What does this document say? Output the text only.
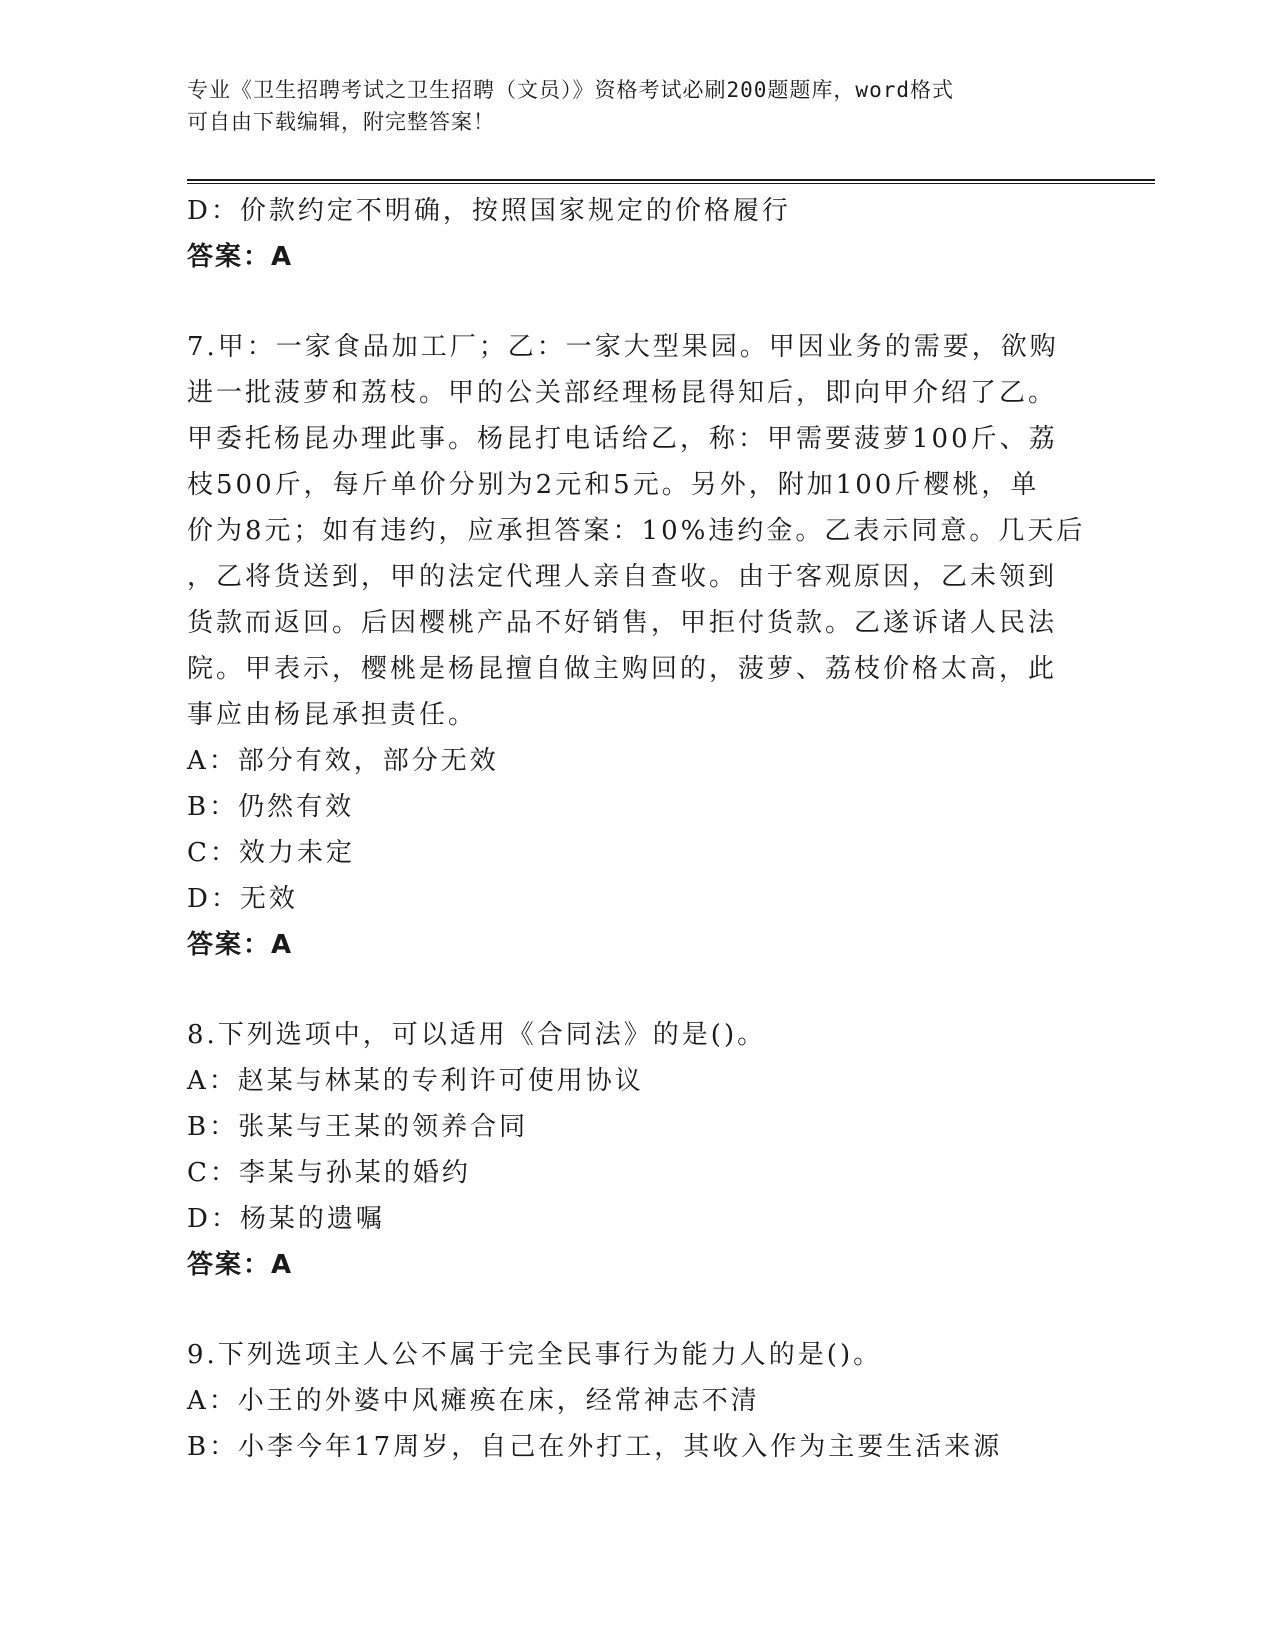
专业《卫生招聘考试之卫生招聘（文员）》资格考试必刷200题题库，word格式
可自由下载编辑，附完整答案！
D：价款约定不明确，按照国家规定的价格履行
答案：A
7.甲：一家食品加工厂；乙：一家大型果园。甲因业务的需要，欲购
进一批菠萝和荔枝。甲的公关部经理杨昆得知后，即向甲介绍了乙。
甲委托杨昆办理此事。杨昆打电话给乙，称：甲需要菠萝100斤、荔
枝500斤，每斤单价分别为2元和5元。另外，附加100斤樱桃，单
价为8元；如有违约，应承担答案：10%违约金。乙表示同意。几天后
，乙将货送到，甲的法定代理人亲自查收。由于客观原因，乙未领到
货款而返回。后因樱桃产品不好销售，甲拒付货款。乙遂诉诸人民法
院。甲表示，樱桃是杨昆擅自做主购回的，菠萝、荔枝价格太高，此
事应由杨昆承担责任。
A：部分有效，部分无效
B：仍然有效
C：效力未定
D：无效
答案：A
8.下列选项中，可以适用《合同法》的是()。
A：赵某与林某的专利许可使用协议
B：张某与王某的领养合同
C：李某与孙某的婚约
D：杨某的遗嘱
答案：A
9.下列选项主人公不属于完全民事行为能力人的是()。
A：小王的外婆中风瘫痪在床，经常神志不清
B：小李今年17周岁，自己在外打工，其收入作为主要生活来源
